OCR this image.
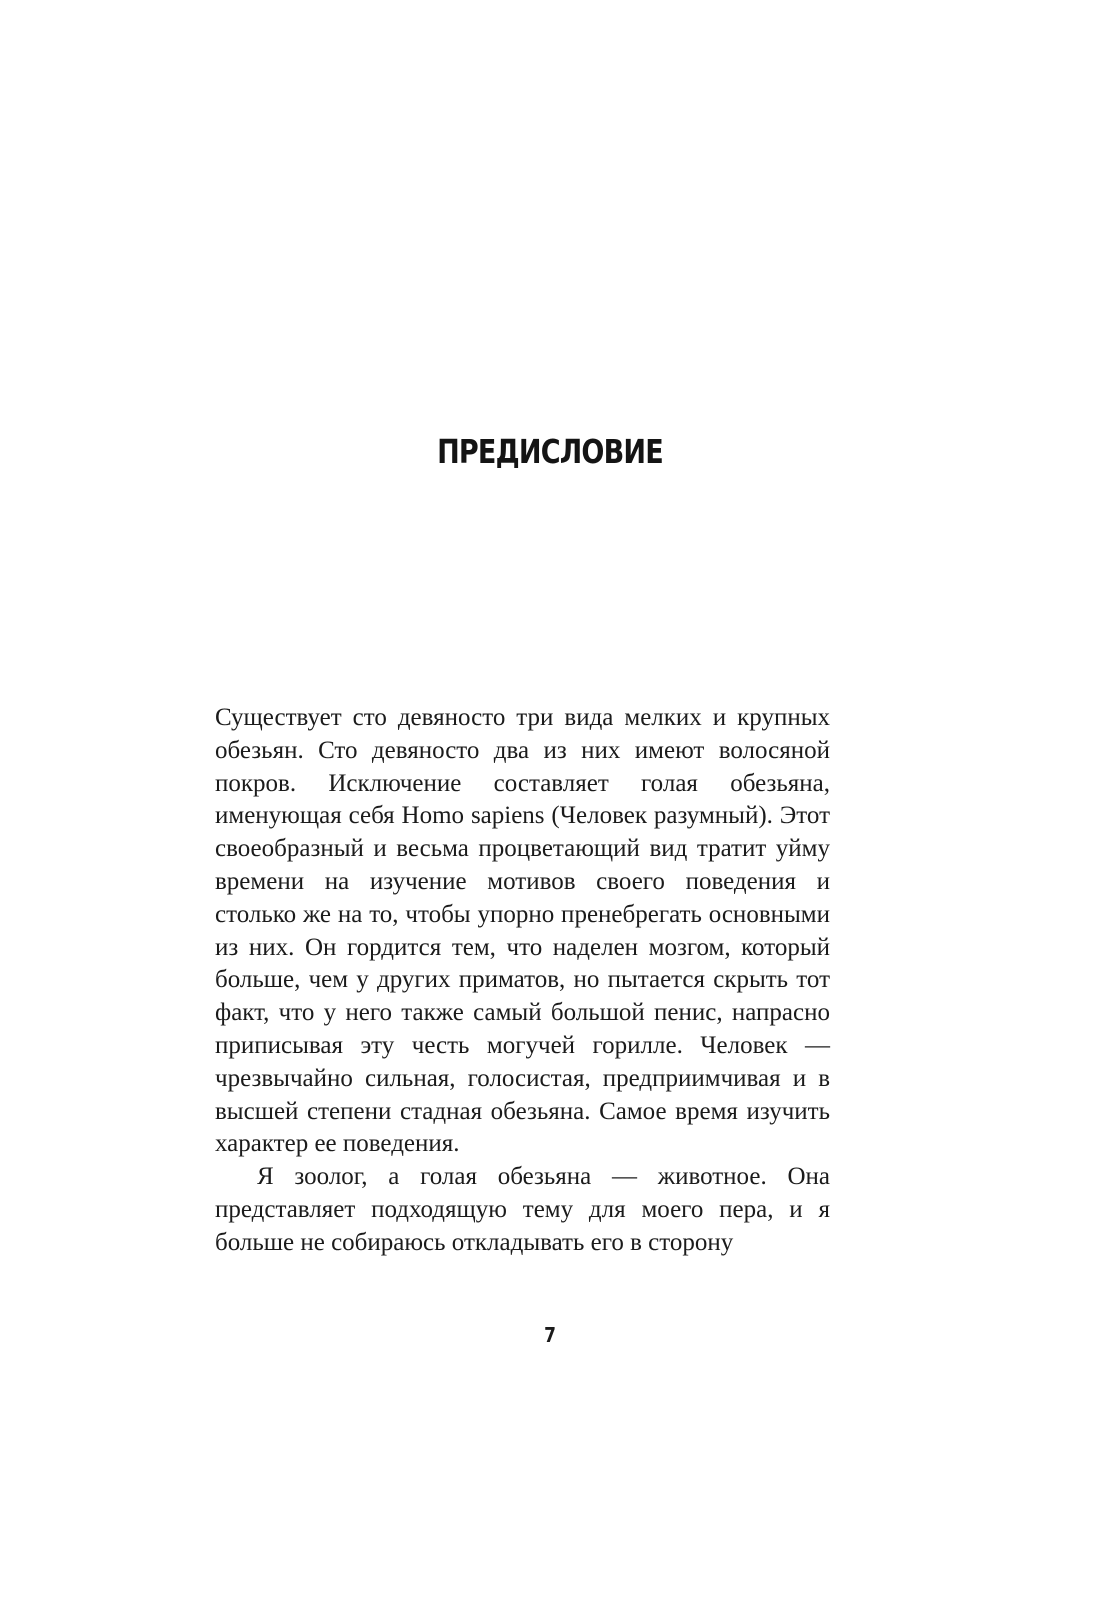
ПРЕДИСЛОВИЕ

Существует сто девяносто три вида мелких и крупных обезьян. Сто девяносто два из них имеют волосяной покров. Исключение составляет голая обезьяна, именующая себя Homo sapiens (Человек разумный). Этот своеобразный и весьма процветающий вид тратит уйму времени на изучение мотивов своего поведения и столько же на то, чтобы упорно пренебрегать основными из них. Он гордится тем, что наделен мозгом, который больше, чем у других приматов, но пытается скрыть тот факт, что у него также самый большой пенис, напрасно приписывая эту честь могучей горилле. Человек — чрезвычайно сильная, голосистая, предприимчивая и в высшей степени стадная обезьяна. Самое время изучить характер ее поведения.

Я зоолог, а голая обезьяна — животное. Она представляет подходящую тему для моего пера, и я больше не собираюсь откладывать его в сторону

7
